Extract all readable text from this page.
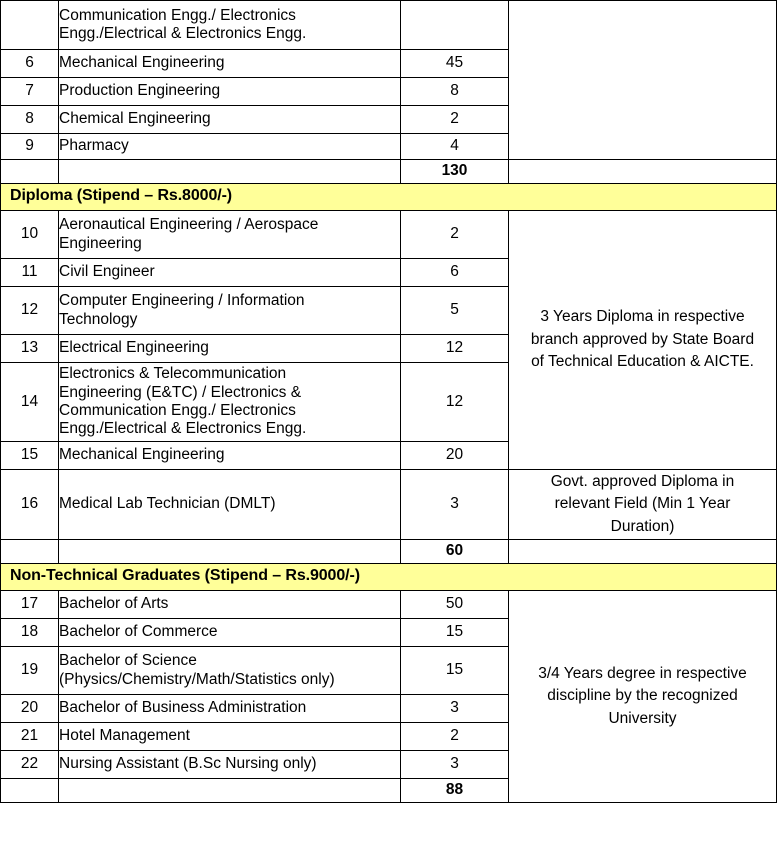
	Communication Engg./ Electronics
Engg./Electrical & Electronics Engg.		

6	Mechanical Engineering	45	
7	Production Engineering	8	
8	Chemical Engineering	2	
9	Pharmacy	4	
		130	
Diploma (Stipend – Rs.8000/-)			
10	Aeronautical Engineering / Aerospace
Engineering	2	3 Years Diploma in respective
branch approved by State Board
of Technical Education & AICTE.

11	Civil Engineer	6	
12	Computer Engineering / Information
Technology	5	
13	Electrical Engineering	12	
14	Electronics & Telecommunication
Engineering (E&TC) / Electronics &
Communication Engg./ Electronics
Engg./Electrical & Electronics Engg.	12	
15	Mechanical Engineering	20	
16	Medical Lab Technician (DMLT)	3	Govt. approved Diploma in
relevant Field (Min 1 Year
Duration)

		60	
Non-Technical Graduates (Stipend – Rs.9000/-)			
17	Bachelor of Arts	50	3/4 Years degree in respective
discipline by the recognized
University

18	Bachelor of Commerce	15	
19	Bachelor of Science
(Physics/Chemistry/Math/Statistics only)	15	
20	Bachelor of Business Administration	3	
21	Hotel Management	2	
22	Nursing Assistant (B.Sc Nursing only)	3	
		88	
